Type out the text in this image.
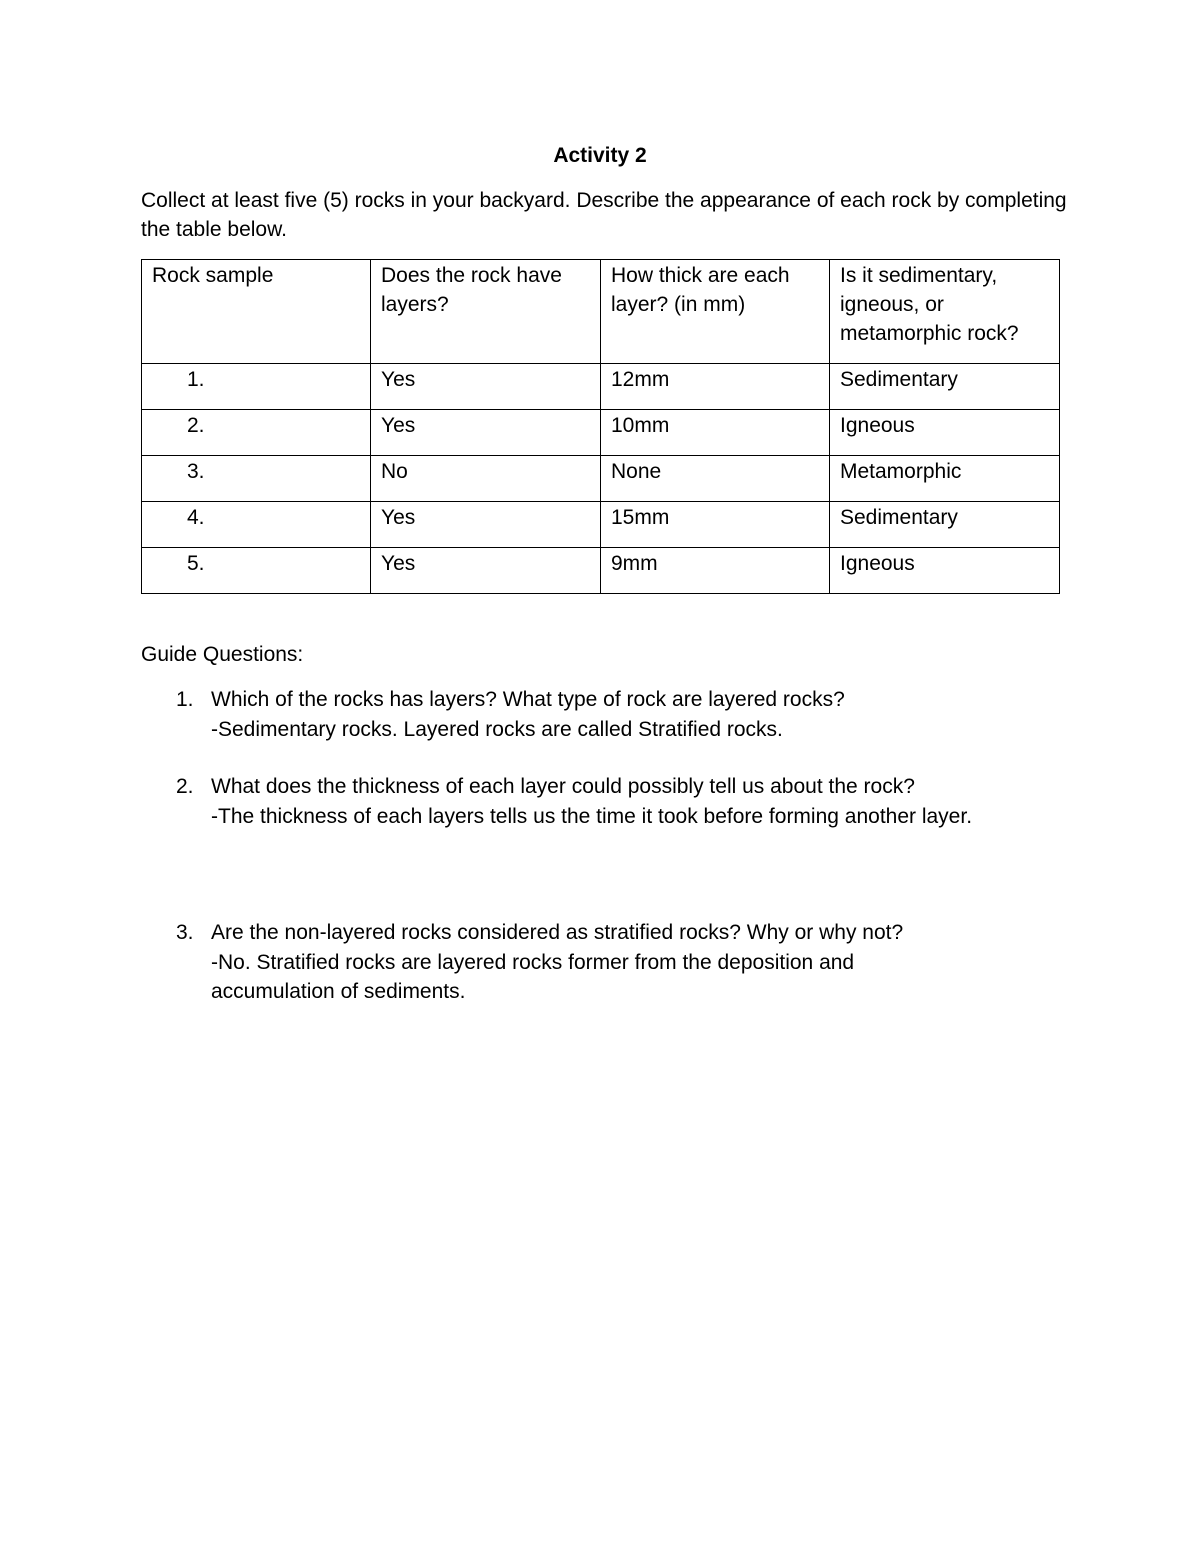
Activity 2
Collect at least five (5) rocks in your backyard. Describe the appearance of each rock by completing the table below.
Rock sample	Does the rock have layers?	How thick are each layer? (in mm)	Is it sedimentary, igneous, or metamorphic rock?
1.	Yes	12mm	Sedimentary
2.	Yes	10mm	Igneous
3.	No	None	Metamorphic
4.	Yes	15mm	Sedimentary
5.	Yes	9mm	Igneous
Guide Questions:
1. Which of the rocks has layers? What type of rock are layered rocks?
-Sedimentary rocks. Layered rocks are called Stratified rocks.
2. What does the thickness of each layer could possibly tell us about the rock?
-The thickness of each layers tells us the time it took before forming another layer.
3. Are the non-layered rocks considered as stratified rocks? Why or why not?
-No. Stratified rocks are layered rocks former from the deposition and accumulation of sediments.
